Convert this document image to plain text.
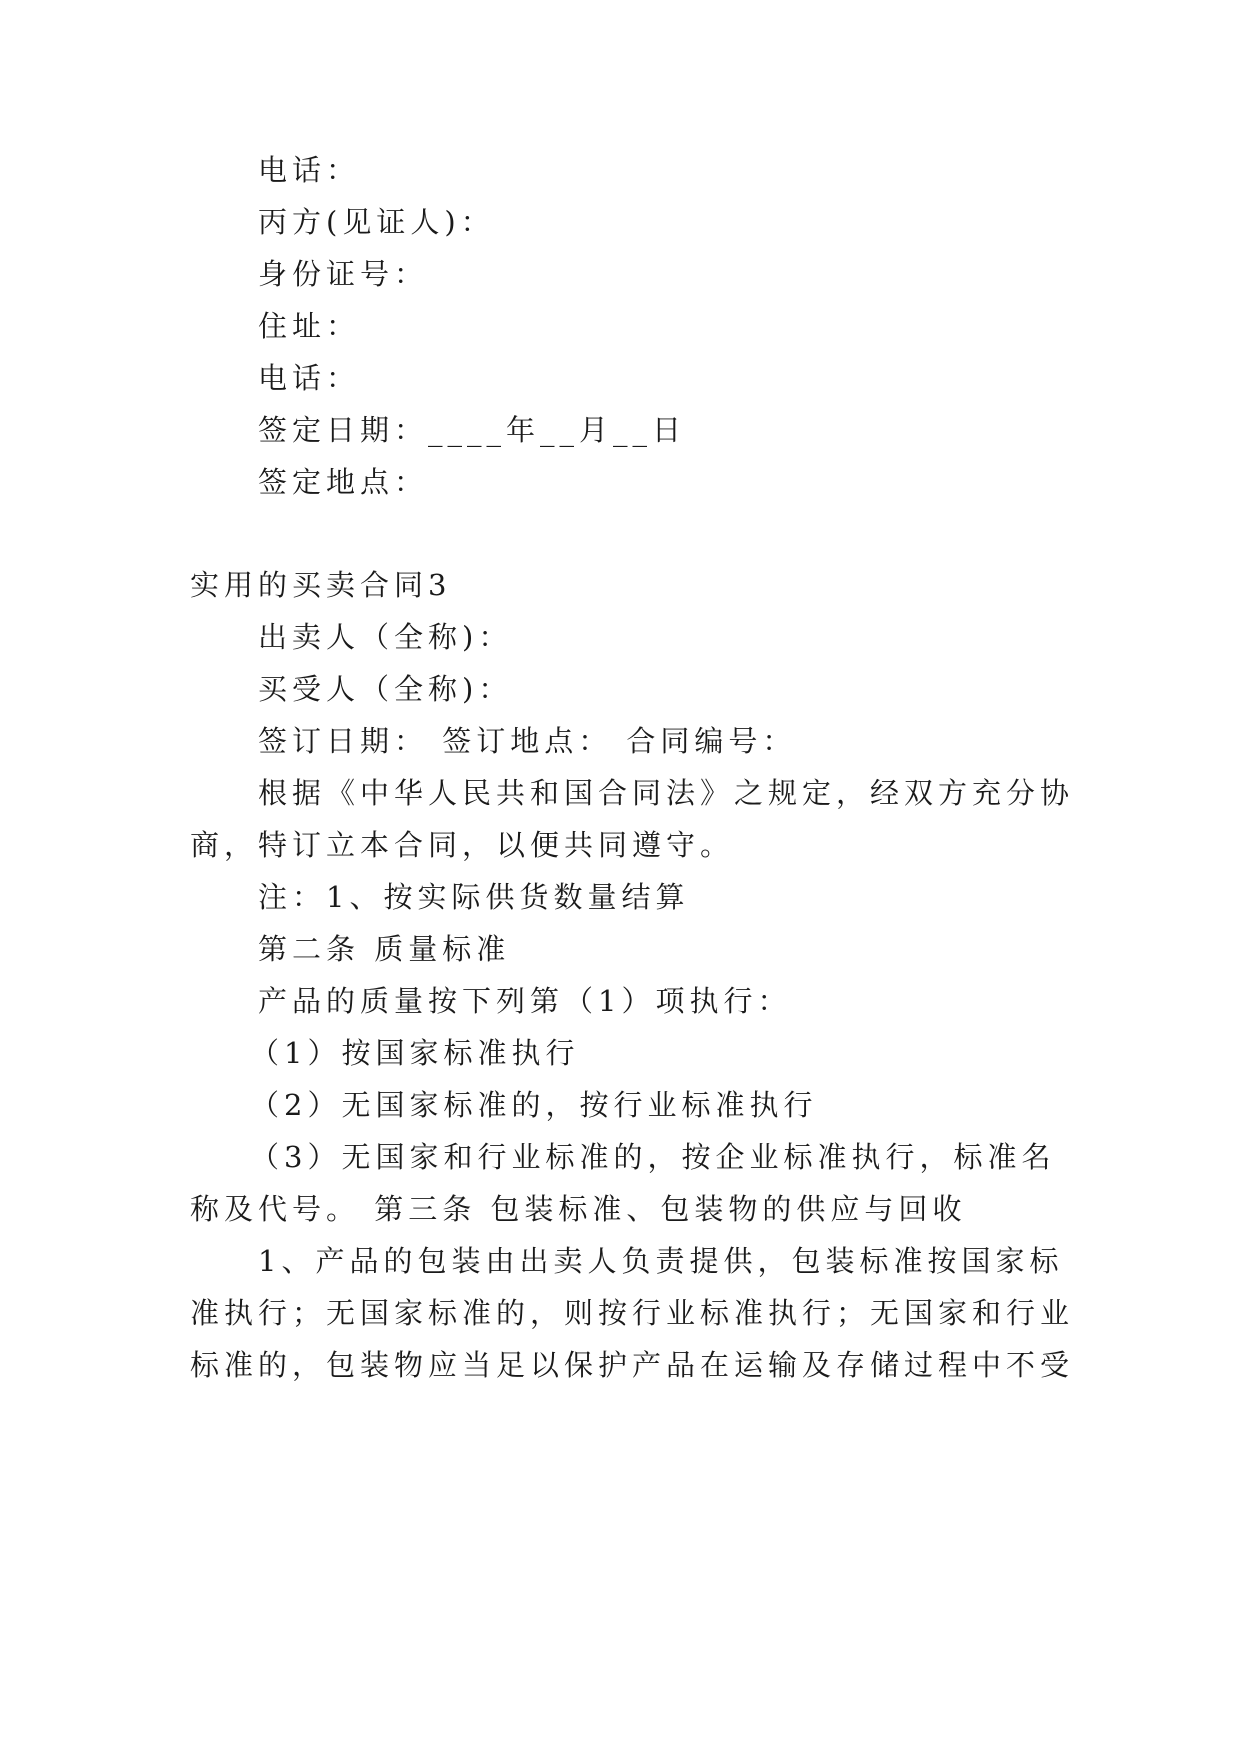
电话：

丙方(见证人)：

身份证号：

住址：

电话：

签定日期：____年__月__日

签定地点：

实用的买卖合同3

出卖人（全称)：

买受人（全称)：

签订日期： 签订地点： 合同编号：

根据《中华人民共和国合同法》之规定，经双方充分协

商，特订立本合同，以便共同遵守。

注：1、按实际供货数量结算

第二条 质量标准

产品的质量按下列第（1）项执行：

（1）按国家标准执行

（2）无国家标准的，按行业标准执行

（3）无国家和行业标准的，按企业标准执行，标准名

称及代号。 第三条 包装标准、包装物的供应与回收

1、产品的包装由出卖人负责提供，包装标准按国家标

准执行；无国家标准的，则按行业标准执行；无国家和行业

标准的，包装物应当足以保护产品在运输及存储过程中不受
